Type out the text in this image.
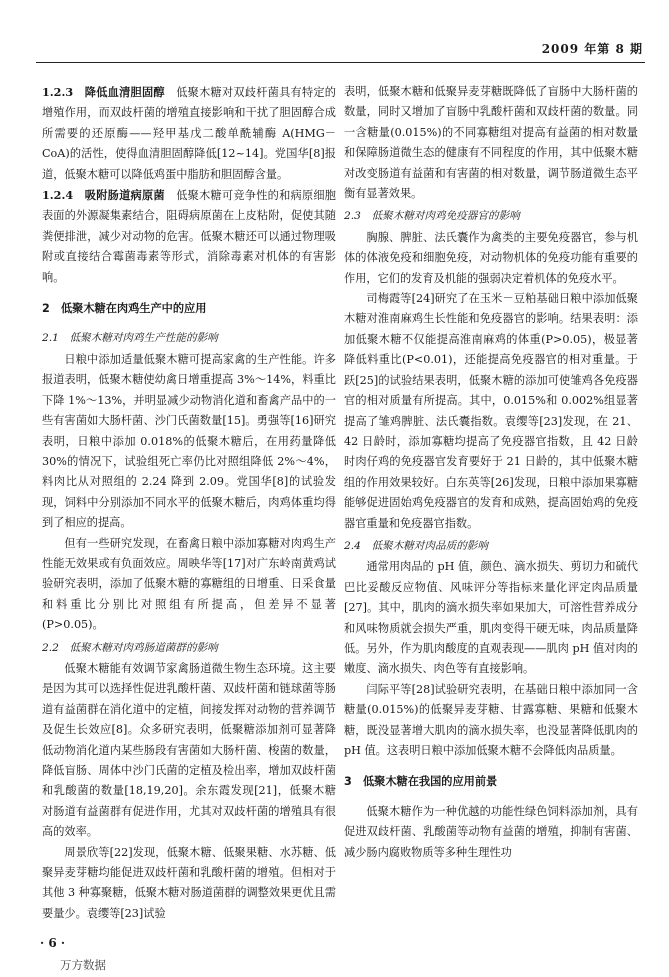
2009 年第 8 期

1.2.3　降低血清胆固醇　低聚木糖对双歧杆菌具有特定的增殖作用，而双歧杆菌的增殖直接影响和干扰了胆固醇合成所需要的还原酶——羟甲基戊二酸单酰辅酶 A(HMG－CoA)的活性，使得血清胆固醇降低[12~14]。党国华[8]报道，低聚木糖可以降低鸡蛋中脂肪和胆固醇含量。

1.2.4　吸附肠道病原菌　低聚木糖可竞争性的和病原细胞表面的外源凝集素结合，阻碍病原菌在上皮粘附，促使其随粪便排泄，减少对动物的危害。低聚木糖还可以通过物理吸附或直接结合霉菌毒素等形式，消除毒素对机体的有害影响。

2　低聚木糖在肉鸡生产中的应用
2.1　低聚木糖对肉鸡生产性能的影响

日粮中添加适量低聚木糖可提高家禽的生产性能。许多报道表明，低聚木糖使幼禽日增重提高 3%～14%，料重比下降 1%～13%，并明显减少动物消化道和畜禽产品中的一些有害菌如大肠杆菌、沙门氏菌数量[15]。勇强等[16]研究表明，日粮中添加 0.018%的低聚木糖后，在用药量降低 30%的情况下，试验组死亡率仍比对照组降低 2%～4%，料肉比从对照组的 2.24 降到 2.09。党国华[8]的试验发现，饲料中分别添加不同水平的低聚木糖后，肉鸡体重均得到了相应的提高。

但有一些研究发现，在畜禽日粮中添加寡糖对肉鸡生产性能无效果或有负面效应。周映华等[17]对广东岭南黄鸡试验研究表明，添加了低聚木糖的寡糖组的日增重、日采食量和料重比分别比对照组有所提高，但差异不显著(P>0.05)。

2.2　低聚木糖对肉鸡肠道菌群的影响

低聚木糖能有效调节家禽肠道微生物生态环境。这主要是因为其可以选择性促进乳酸杆菌、双歧杆菌和链球菌等肠道有益菌群在消化道中的定植，间接发挥对动物的营养调节及促生长效应[8]。众多研究表明，低聚糖添加剂可显著降低动物消化道内某些肠段有害菌如大肠杆菌、梭菌的数量，降低盲肠、周体中沙门氏菌的定植及检出率，增加双歧杆菌和乳酸菌的数量[18,19,20]。余东霞发现[21]，低聚木糖对肠道有益菌群有促进作用，尤其对双歧杆菌的增殖具有很高的效率。

周景欣等[22]发现，低聚木糖、低聚果糖、水苏糖、低聚异麦芽糖均能促进双歧杆菌和乳酸杆菌的增殖。但相对于其他 3 种寡聚糖，低聚木糖对肠道菌群的调整效果更优且需要量少。袁缨等[23]试验

表明，低聚木糖和低聚异麦芽糖既降低了盲肠中大肠杆菌的数量，同时又增加了盲肠中乳酸杆菌和双歧杆菌的数量。同一含糖量(0.015%)的不同寡糖组对提高有益菌的相对数量和保障肠道微生态的健康有不同程度的作用，其中低聚木糖对改变肠道有益菌和有害菌的相对数量，调节肠道微生态平衡有显著效果。

2.3　低聚木糖对肉鸡免疫器官的影响

胸腺、脾脏、法氏囊作为禽类的主要免疫器官，参与机体的体液免疫和细胞免疫，对动物机体的免疫功能有重要的作用，它们的发育及机能的强弱决定着机体的免疫水平。

司梅霞等[24]研究了在玉米－豆粕基础日粮中添加低聚木糖对淮南麻鸡生长性能和免疫器官的影响。结果表明：添加低聚木糖不仅能提高淮南麻鸡的体重(P>0.05)，极显著降低料重比(P<0.01)，还能提高免疫器官的相对重量。于跃[25]的试验结果表明，低聚木糖的添加可使雏鸡各免疫器官的相对质量有所提高。其中，0.015%和 0.002%组显著提高了雏鸡脾脏、法氏囊指数。袁缨等[23]发现，在 21、42 日龄时，添加寡糖均提高了免疫器官指数，且 42 日龄时肉仔鸡的免疫器官发育要好于 21 日龄的，其中低聚木糖组的作用效果较好。白东英等[26]发现，日粮中添加果寡糖能够促进固始鸡免疫器官的发育和成熟，提高固始鸡的免疫器官重量和免疫器官指数。

2.4　低聚木糖对肉品质的影响

通常用肉品的 pH 值，颜色、滴水损失、剪切力和硫代巴比妥酸反应物值、风味评分等指标来量化评定肉品质量[27]。其中，肌肉的滴水损失率如果加大，可溶性营养成分和风味物质就会损失严重，肌肉变得干硬无味，肉品质量降低。另外，作为肌肉酸度的直观表现——肌肉 pH 值对肉的嫩度、滴水损失、肉色等有直接影响。

闫际平等[28]试验研究表明，在基础日粮中添加同一含糖量(0.015%)的低聚异麦芽糖、甘露寡糖、果糖和低聚木糖，既没显著增大肌肉的滴水损失率，也没显著降低肌肉的 pH 值。这表明日粮中添加低聚木糖不会降低肉品质量。

3　低聚木糖在我国的应用前景

低聚木糖作为一种优越的功能性绿色饲料添加剂，具有促进双歧杆菌、乳酸菌等动物有益菌的增殖，抑制有害菌、减少肠内腐败物质等多种生理性功

· 6 ·
万方数据
